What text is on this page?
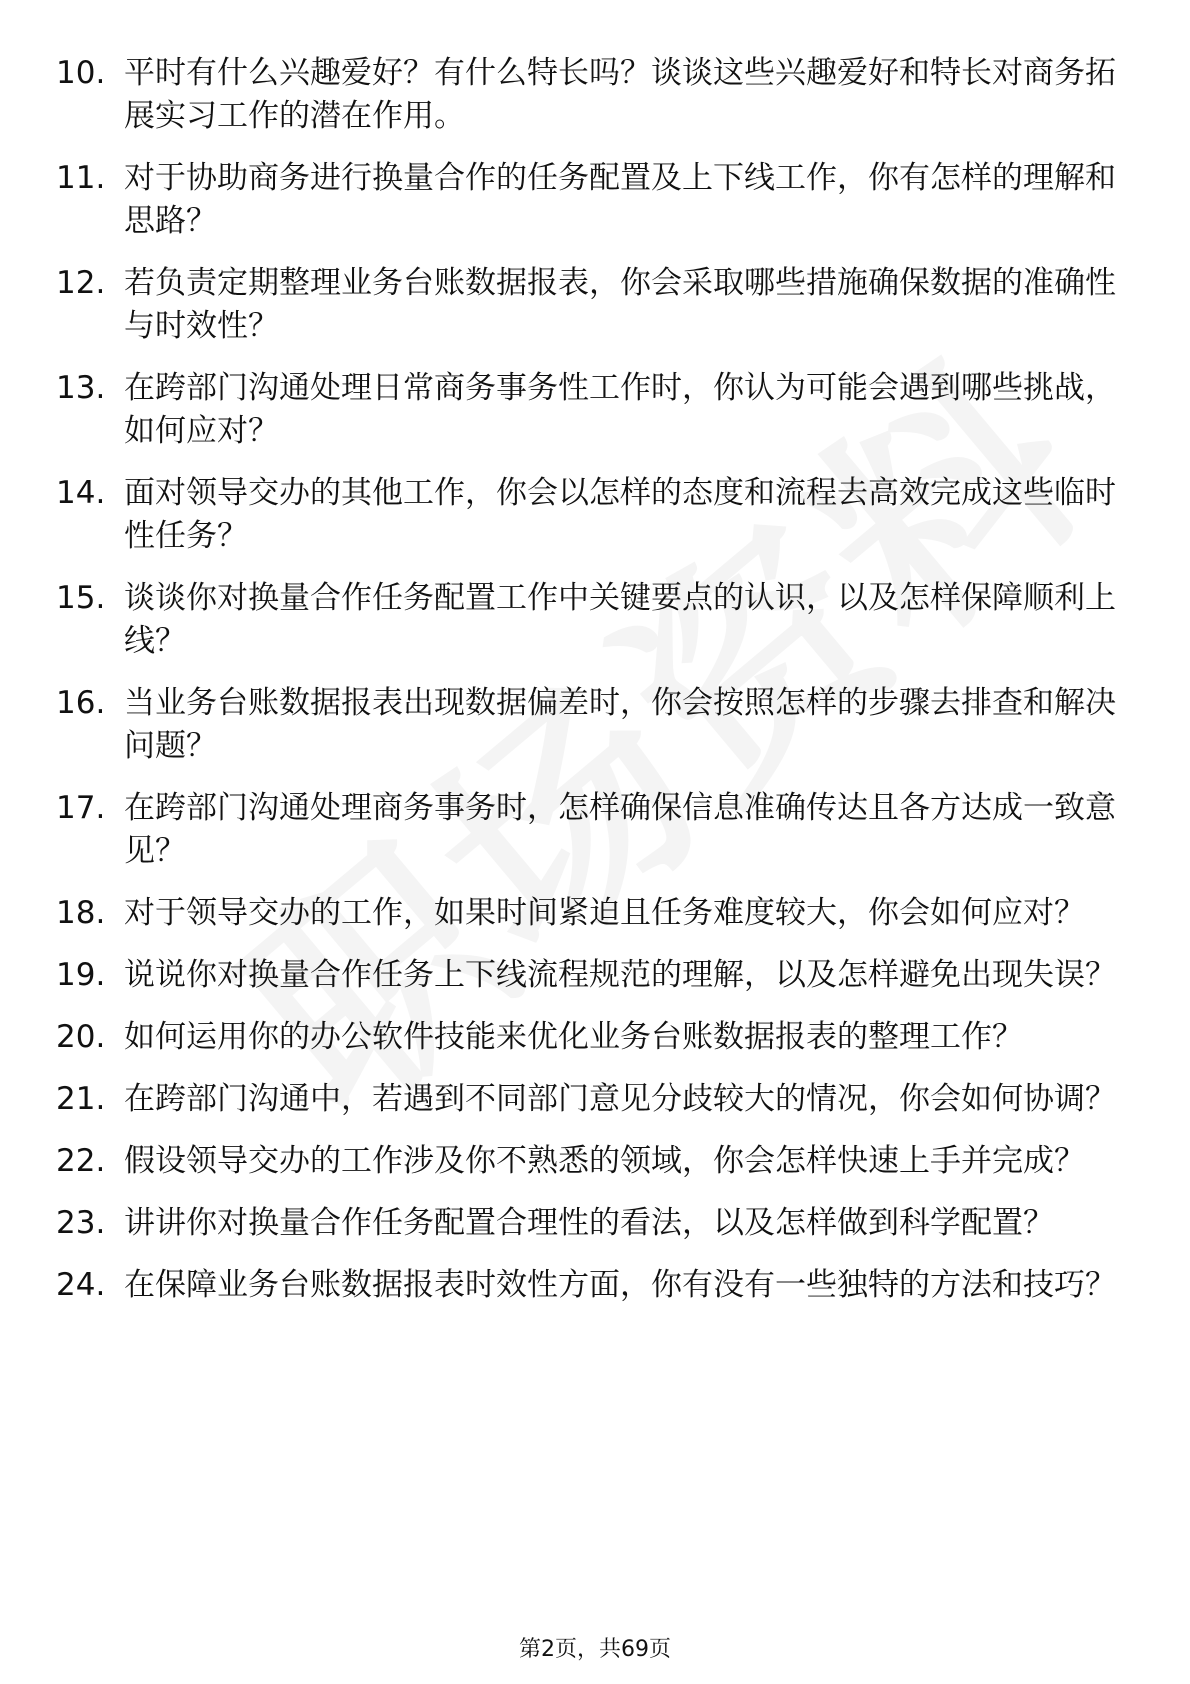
10. 平时有什么兴趣爱好？有什么特长吗？谈谈这些兴趣爱好和特长对商务拓展实习工作的潜在作用。
11. 对于协助商务进行换量合作的任务配置及上下线工作，你有怎样的理解和思路？
12. 若负责定期整理业务台账数据报表，你会采取哪些措施确保数据的准确性与时效性？
13. 在跨部门沟通处理日常商务事务性工作时，你认为可能会遇到哪些挑战，如何应对？
14. 面对领导交办的其他工作，你会以怎样的态度和流程去高效完成这些临时性任务？
15. 谈谈你对换量合作任务配置工作中关键要点的认识，以及怎样保障顺利上线？
16. 当业务台账数据报表出现数据偏差时，你会按照怎样的步骤去排查和解决问题？
17. 在跨部门沟通处理商务事务时，怎样确保信息准确传达且各方达成一致意见？
18. 对于领导交办的工作，如果时间紧迫且任务难度较大，你会如何应对？
19. 说说你对换量合作任务上下线流程规范的理解，以及怎样避免出现失误？
20. 如何运用你的办公软件技能来优化业务台账数据报表的整理工作？
21. 在跨部门沟通中，若遇到不同部门意见分歧较大的情况，你会如何协调？
22. 假设领导交办的工作涉及你不熟悉的领域，你会怎样快速上手并完成？
23. 讲讲你对换量合作任务配置合理性的看法，以及怎样做到科学配置？
24. 在保障业务台账数据报表时效性方面，你有没有一些独特的方法和技巧？
第2页，共69页
